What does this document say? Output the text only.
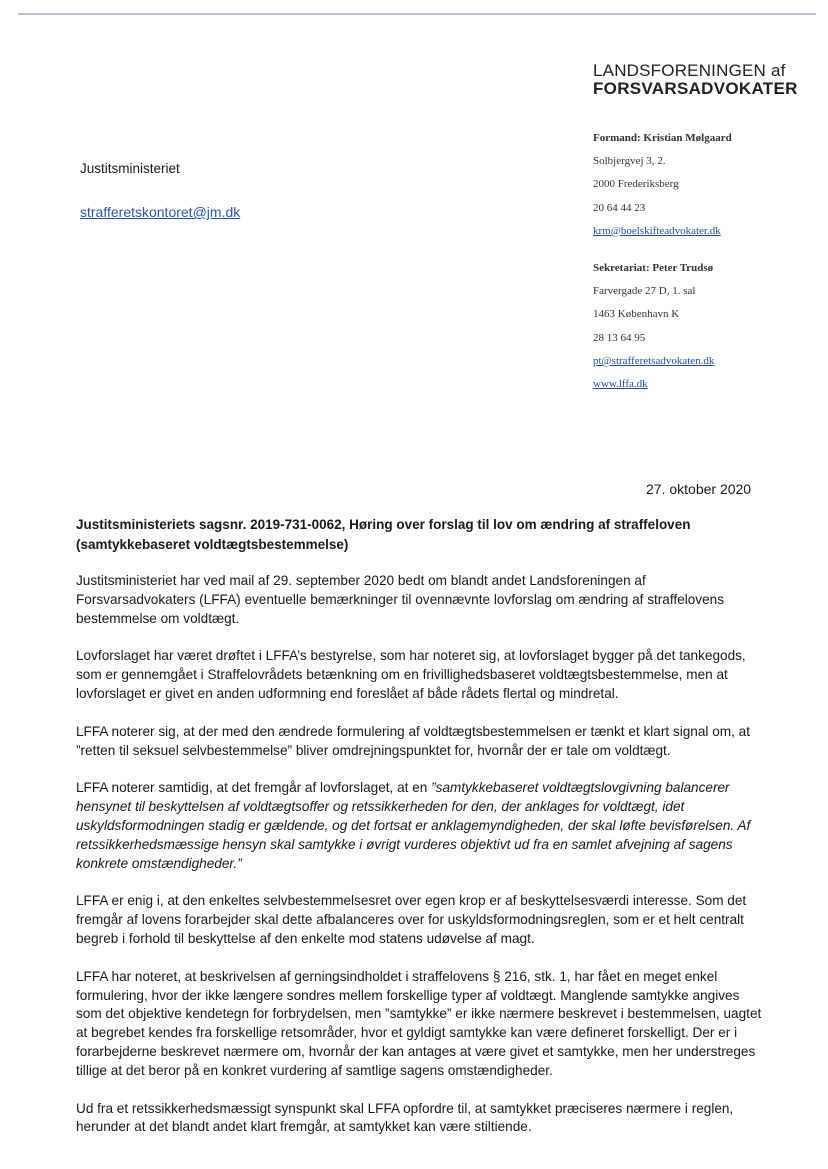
LANDSFORENINGEN af
FORSVARSADVOKATER
Formand: Kristian Mølgaard
Solbjergvej 3, 2.
2000 Frederiksberg
20 64 44 23
krm@boelskifteadvokater.dk
Sekretariat: Peter Trudsø
Farvergade 27 D, 1. sal
1463 København K
28 13 64 95
pt@strafferetsadvokaten.dk
www.lffa.dk
Justitsministeriet
strafferetskontoret@jm.dk
27. oktober 2020
Justitsministeriets sagsnr. 2019-731-0062, Høring over forslag til lov om ændring af straffeloven (samtykkebaseret voldtægtsbestemmelse)

Justitsministeriet har ved mail af 29. september 2020 bedt om blandt andet Landsforeningen af Forsvarsadvokaters (LFFA) eventuelle bemærkninger til ovennævnte lovforslag om ændring af straffelovens bestemmelse om voldtægt.

Lovforslaget har været drøftet i LFFA’s bestyrelse, som har noteret sig, at lovforslaget bygger på det tankegods, som er gennemgået i Straffelovrådets betænkning om en frivillighedsbaseret voldtægtsbestemmelse, men at lovforslaget er givet en anden udformning end foreslået af både rådets flertal og mindretal.

LFFA noterer sig, at der med den ændrede formulering af voldtægtsbestemmelsen er tænkt et klart signal om, at ”retten til seksuel selvbestemmelse” bliver omdrejningspunktet for, hvornår der er tale om voldtægt.

LFFA noterer samtidig, at det fremgår af lovforslaget, at en ”samtykkebaseret voldtægtslovgivning balancerer hensynet til beskyttelsen af voldtægtsoffer og retssikkerheden for den, der anklages for voldtægt, idet uskyldsformodningen stadig er gældende, og det fortsat er anklagemyndigheden, der skal løfte bevisførelsen. Af retssikkerhedsmæssige hensyn skal samtykke i øvrigt vurderes objektivt ud fra en samlet afvejning af sagens konkrete omstændigheder.”

LFFA er enig i, at den enkeltes selvbestemmelsesret over egen krop er af beskyttelsesværdi interesse. Som det fremgår af lovens forarbejder skal dette afbalanceres over for uskyldsformodningsreglen, som er et helt centralt begreb i forhold til beskyttelse af den enkelte mod statens udøvelse af magt.

LFFA har noteret, at beskrivelsen af gerningsindholdet i straffelovens § 216, stk. 1, har fået en meget enkel formulering, hvor der ikke længere sondres mellem forskellige typer af voldtægt. Manglende samtykke angives som det objektive kendetegn for forbrydelsen, men ”samtykke” er ikke nærmere beskrevet i bestemmelsen, uagtet at begrebet kendes fra forskellige retsområder, hvor et gyldigt samtykke kan være defineret forskelligt. Der er i forarbejderne beskrevet nærmere om, hvornår der kan antages at være givet et samtykke, men her understreges tillige at det beror på en konkret vurdering af samtlige sagens omstændigheder.

Ud fra et retssikkerhedsmæssigt synspunkt skal LFFA opfordre til, at samtykket præciseres nærmere i reglen, herunder at det blandt andet klart fremgår, at samtykket kan være stiltiende.
